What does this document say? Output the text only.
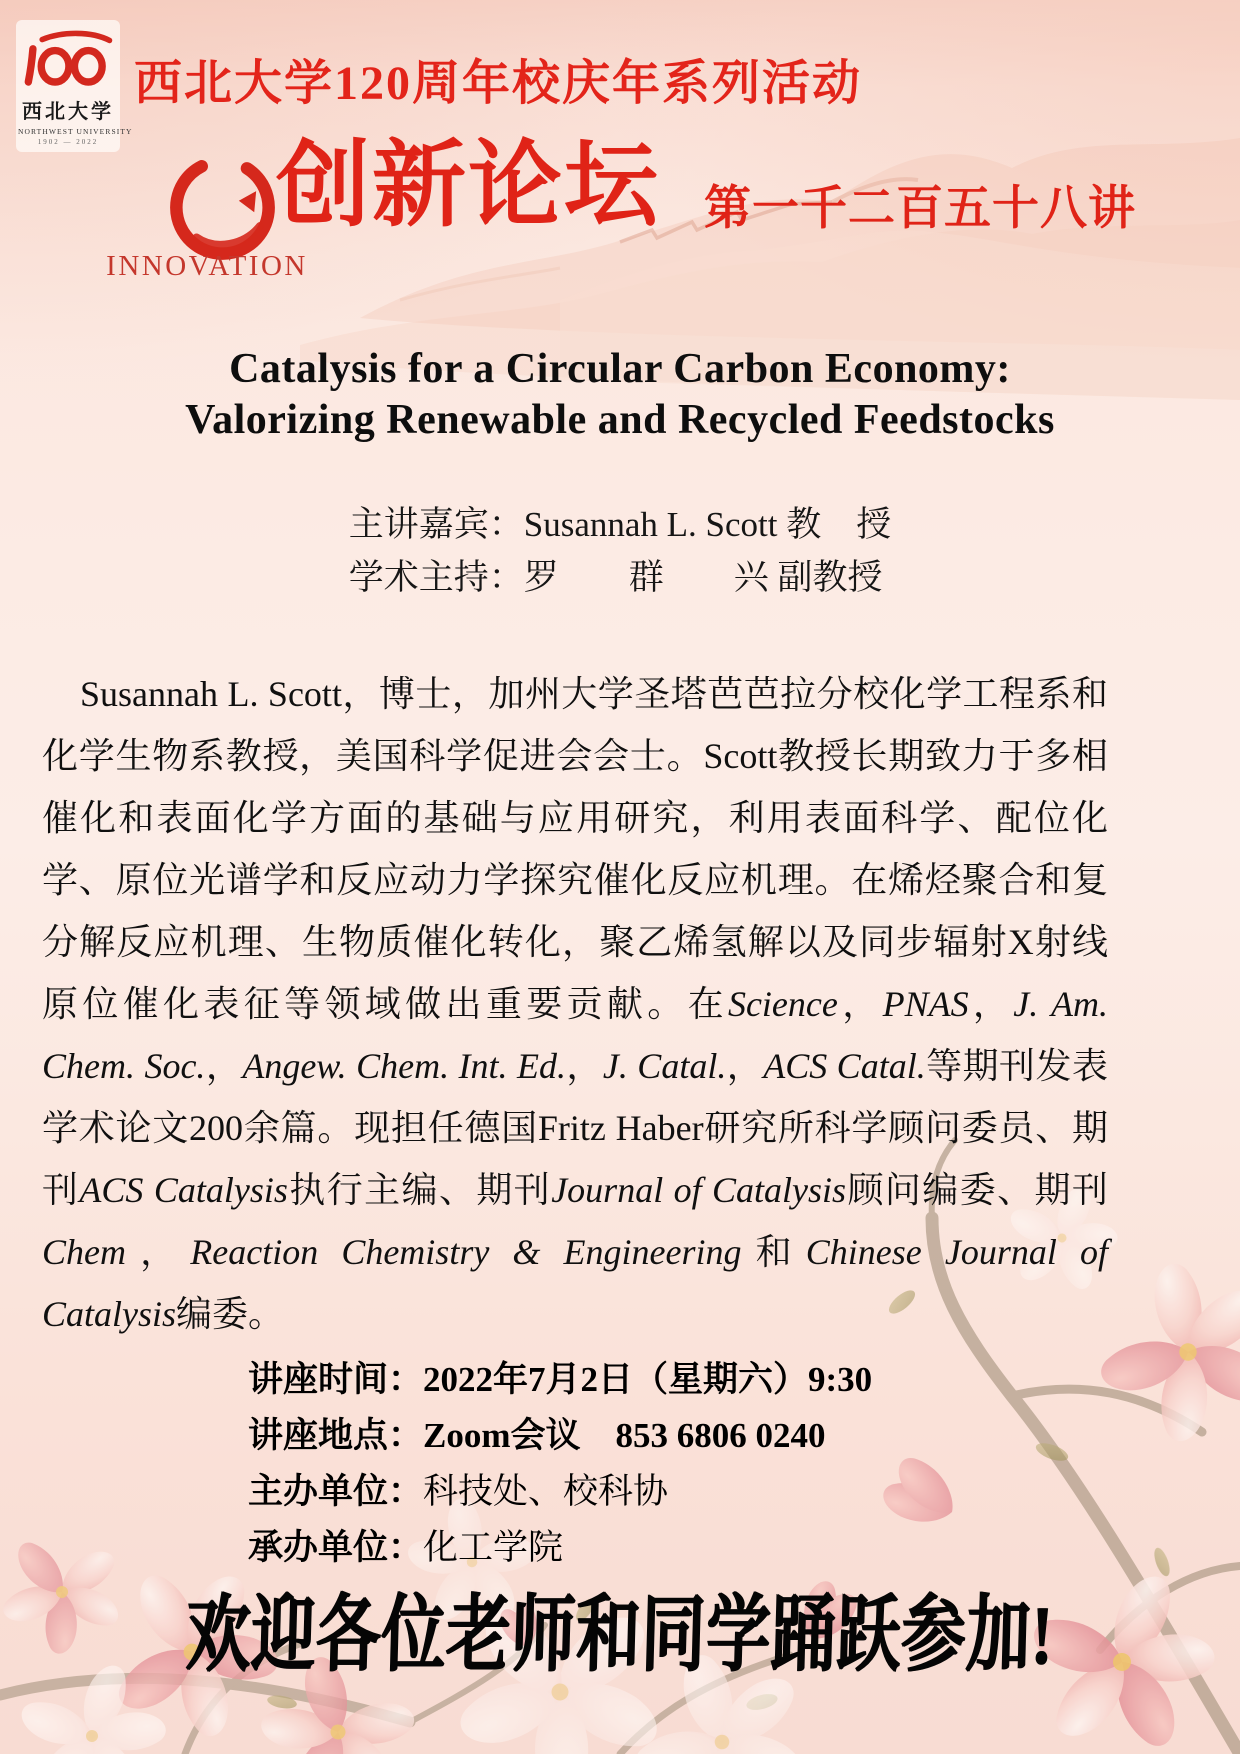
西北大学
NORTHWEST UNIVERSITY
1902 — 2022
西北大学120周年校庆年系列活动
INNOVATION
创新论坛 第一千二百五十八讲
Catalysis for a Circular Carbon Economy:
Valorizing Renewable and Recycled Feedstocks
主讲嘉宾：Susannah L. Scott 教　授
学术主持：罗　　群　　兴 副教授

Susannah L. Scott，博士，加州大学圣塔芭芭拉分校化学工程系和化学生物系教授，美国科学促进会会士。Scott教授长期致力于多相催化和表面化学方面的基础与应用研究，利用表面科学、配位化学、原位光谱学和反应动力学探究催化反应机理。在烯烃聚合和复分解反应机理、生物质催化转化，聚乙烯氢解以及同步辐射X射线原位催化表征等领域做出重要贡献。在Science，PNAS，J. Am. Chem. Soc.，Angew. Chem. Int. Ed.，J. Catal.，ACS Catal.等期刊发表学术论文200余篇。现担任德国Fritz Haber研究所科学顾问委员、期刊ACS Catalysis执行主编、期刊Journal of Catalysis顾问编委、期刊Chem，Reaction Chemistry & Engineering和Chinese Journal of Catalysis编委。

讲座时间：2022年7月2日（星期六）9:30
讲座地点：Zoom会议　853 6806 0240
主办单位：科技处、校科协
承办单位：化工学院
欢迎各位老师和同学踊跃参加!
